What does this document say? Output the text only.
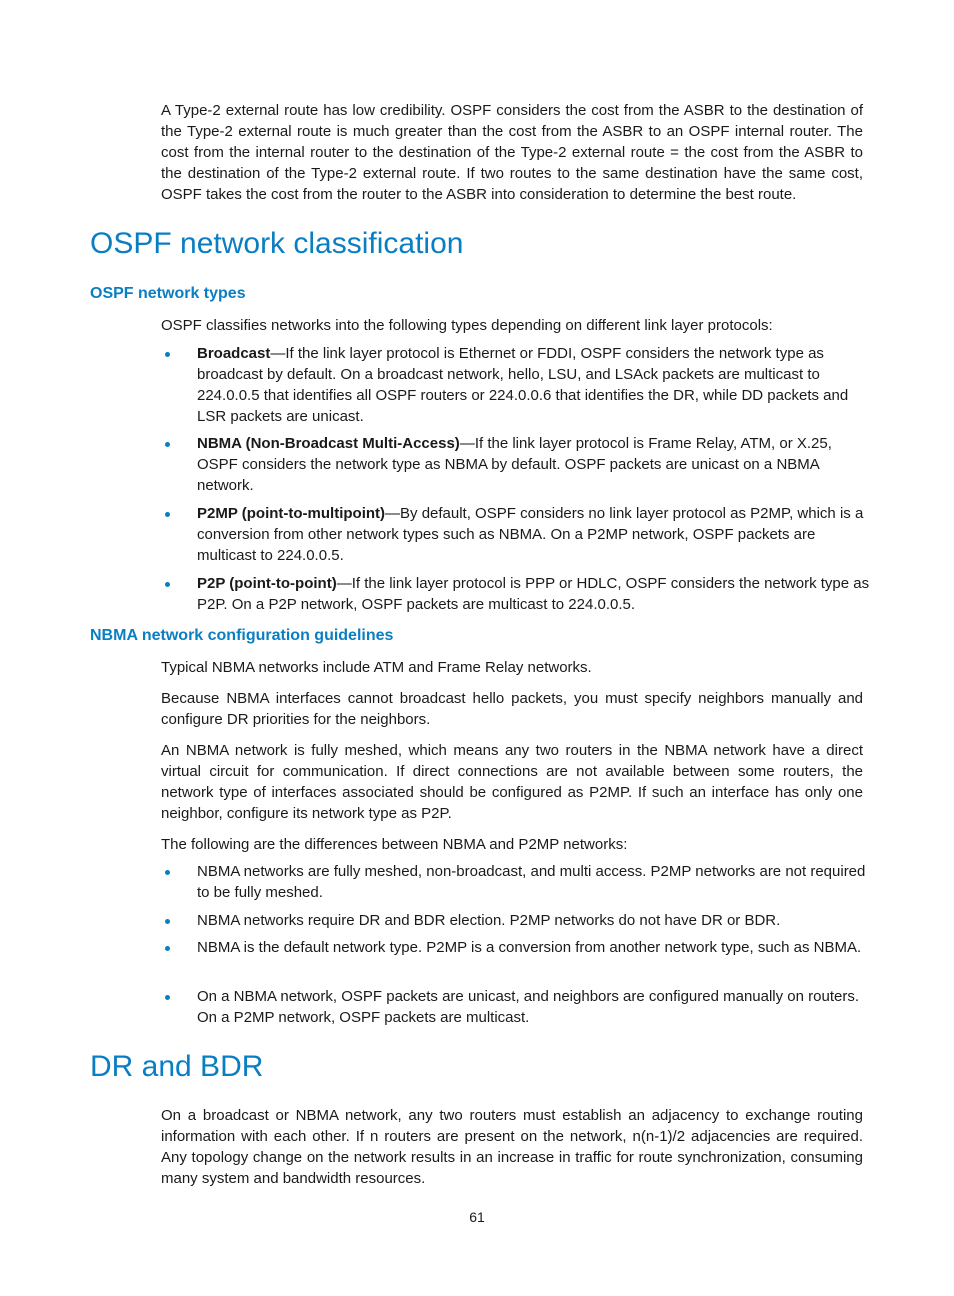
A Type-2 external route has low credibility. OSPF considers the cost from the ASBR to the destination of the Type-2 external route is much greater than the cost from the ASBR to an OSPF internal router. The cost from the internal router to the destination of the Type-2 external route = the cost from the ASBR to the destination of the Type-2 external route. If two routes to the same destination have the same cost, OSPF takes the cost from the router to the ASBR into consideration to determine the best route.

OSPF network classification
OSPF network types

OSPF classifies networks into the following types depending on different link layer protocols:

Broadcast—If the link layer protocol is Ethernet or FDDI, OSPF considers the network type as broadcast by default. On a broadcast network, hello, LSU, and LSAck packets are multicast to 224.0.0.5 that identifies all OSPF routers or 224.0.0.6 that identifies the DR, while DD packets and LSR packets are unicast.
NBMA (Non-Broadcast Multi-Access)—If the link layer protocol is Frame Relay, ATM, or X.25, OSPF considers the network type as NBMA by default. OSPF packets are unicast on a NBMA network.
P2MP (point-to-multipoint)—By default, OSPF considers no link layer protocol as P2MP, which is a conversion from other network types such as NBMA. On a P2MP network, OSPF packets are multicast to 224.0.0.5.
P2P (point-to-point)—If the link layer protocol is PPP or HDLC, OSPF considers the network type as P2P. On a P2P network, OSPF packets are multicast to 224.0.0.5.
NBMA network configuration guidelines

Typical NBMA networks include ATM and Frame Relay networks.

Because NBMA interfaces cannot broadcast hello packets, you must specify neighbors manually and configure DR priorities for the neighbors.

An NBMA network is fully meshed, which means any two routers in the NBMA network have a direct virtual circuit for communication. If direct connections are not available between some routers, the network type of interfaces associated should be configured as P2MP. If such an interface has only one neighbor, configure its network type as P2P.

The following are the differences between NBMA and P2MP networks:

NBMA networks are fully meshed, non-broadcast, and multi access. P2MP networks are not required to be fully meshed.
NBMA networks require DR and BDR election. P2MP networks do not have DR or BDR.
NBMA is the default network type. P2MP is a conversion from another network type, such as NBMA.
On a NBMA network, OSPF packets are unicast, and neighbors are configured manually on routers. On a P2MP network, OSPF packets are multicast.
DR and BDR

On a broadcast or NBMA network, any two routers must establish an adjacency to exchange routing information with each other. If n routers are present on the network, n(n-1)/2 adjacencies are required. Any topology change on the network results in an increase in traffic for route synchronization, consuming many system and bandwidth resources.

61
